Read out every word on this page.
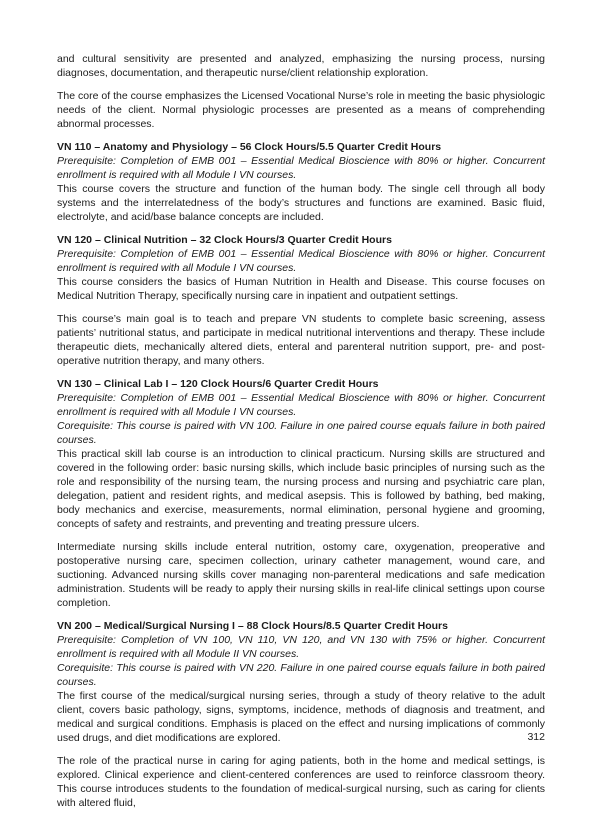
and cultural sensitivity are presented and analyzed, emphasizing the nursing process, nursing diagnoses, documentation, and therapeutic nurse/client relationship exploration.

The core of the course emphasizes the Licensed Vocational Nurse’s role in meeting the basic physiologic needs of the client. Normal physiologic processes are presented as a means of comprehending abnormal processes.

VN 110 – Anatomy and Physiology – 56 Clock Hours/5.5 Quarter Credit Hours

Prerequisite: Completion of EMB 001 – Essential Medical Bioscience with 80% or higher. Concurrent enrollment is required with all Module I VN courses.

This course covers the structure and function of the human body. The single cell through all body systems and the interrelatedness of the body’s structures and functions are examined. Basic fluid, electrolyte, and acid/base balance concepts are included.

VN 120 – Clinical Nutrition – 32 Clock Hours/3 Quarter Credit Hours

Prerequisite: Completion of EMB 001 – Essential Medical Bioscience with 80% or higher. Concurrent enrollment is required with all Module I VN courses.

This course considers the basics of Human Nutrition in Health and Disease. This course focuses on Medical Nutrition Therapy, specifically nursing care in inpatient and outpatient settings.

This course’s main goal is to teach and prepare VN students to complete basic screening, assess patients’ nutritional status, and participate in medical nutritional interventions and therapy. These include therapeutic diets, mechanically altered diets, enteral and parenteral nutrition support, pre- and post-operative nutrition therapy, and many others.

VN 130 – Clinical Lab I – 120 Clock Hours/6 Quarter Credit Hours

Prerequisite: Completion of EMB 001 – Essential Medical Bioscience with 80% or higher. Concurrent enrollment is required with all Module I VN courses.

Corequisite: This course is paired with VN 100. Failure in one paired course equals failure in both paired courses.

This practical skill lab course is an introduction to clinical practicum. Nursing skills are structured and covered in the following order: basic nursing skills, which include basic principles of nursing such as the role and responsibility of the nursing team, the nursing process and nursing and psychiatric care plan, delegation, patient and resident rights, and medical asepsis. This is followed by bathing, bed making, body mechanics and exercise, measurements, normal elimination, personal hygiene and grooming, concepts of safety and restraints, and preventing and treating pressure ulcers.

Intermediate nursing skills include enteral nutrition, ostomy care, oxygenation, preoperative and postoperative nursing care, specimen collection, urinary catheter management, wound care, and suctioning. Advanced nursing skills cover managing non-parenteral medications and safe medication administration. Students will be ready to apply their nursing skills in real-life clinical settings upon course completion.

VN 200 – Medical/Surgical Nursing I – 88 Clock Hours/8.5 Quarter Credit Hours

Prerequisite: Completion of VN 100, VN 110, VN 120, and VN 130 with 75% or higher. Concurrent enrollment is required with all Module II VN courses.

Corequisite: This course is paired with VN 220. Failure in one paired course equals failure in both paired courses.

The first course of the medical/surgical nursing series, through a study of theory relative to the adult client, covers basic pathology, signs, symptoms, incidence, methods of diagnosis and treatment, and medical and surgical conditions. Emphasis is placed on the effect and nursing implications of commonly used drugs, and diet modifications are explored.

The role of the practical nurse in caring for aging patients, both in the home and medical settings, is explored. Clinical experience and client-centered conferences are used to reinforce classroom theory. This course introduces students to the foundation of medical-surgical nursing, such as caring for clients with altered fluid,

312
